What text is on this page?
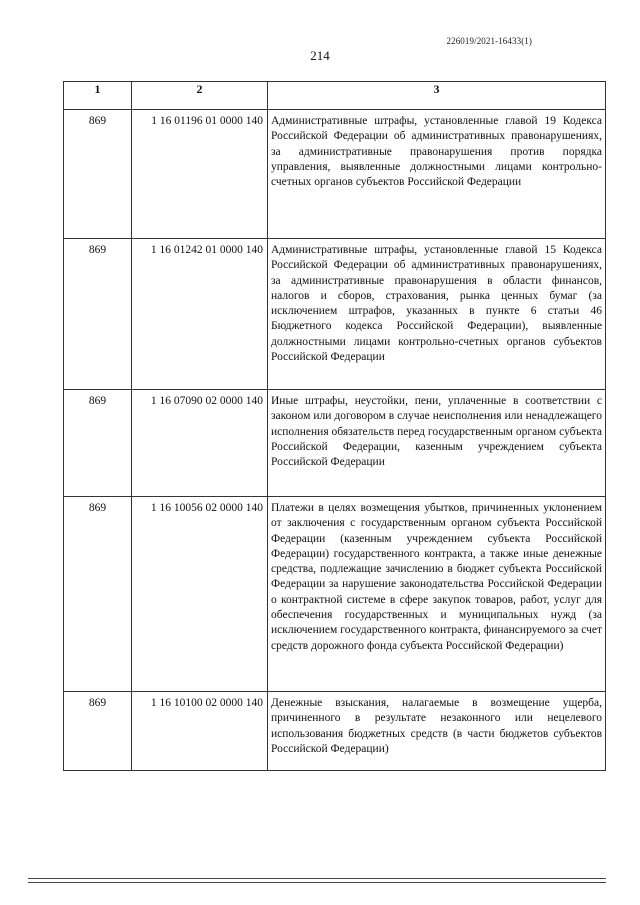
226019/2021-16433(1)
214
1	2	3
869	1 16 01196 01 0000 140	Административные штрафы, установленные главой 19 Кодекса Российской Федерации об административных правонарушениях, за административные правонарушения против порядка управления, выявленные должностными лицами контрольно-счетных органов субъектов Российской Федерации
869	1 16 01242 01 0000 140	Административные штрафы, установленные главой 15 Кодекса Российской Федерации об административных правонарушениях, за административные правонарушения в области финансов, налогов и сборов, страхования, рынка ценных бумаг (за исключением штрафов, указанных в пункте 6 статьи 46 Бюджетного кодекса Российской Федерации), выявленные должностными лицами контрольно-счетных органов субъектов Российской Федерации
869	1 16 07090 02 0000 140	Иные штрафы, неустойки, пени, уплаченные в соответствии с законом или договором в случае неисполнения или ненадлежащего исполнения обязательств перед государственным органом субъекта Российской Федерации, казенным учреждением субъекта Российской Федерации
869	1 16 10056 02 0000 140	Платежи в целях возмещения убытков, причиненных уклонением от заключения с государственным органом субъекта Российской Федерации (казенным учреждением субъекта Российской Федерации) государственного контракта, а также иные денежные средства, подлежащие зачислению в бюджет субъекта Российской Федерации за нарушение законодательства Российской Федерации о контрактной системе в сфере закупок товаров, работ, услуг для обеспечения государственных и муниципальных нужд (за исключением государственного контракта, финансируемого за счет средств дорожного фонда субъекта Российской Федерации)
869	1 16 10100 02 0000 140	Денежные взыскания, налагаемые в возмещение ущерба, причиненного в результате незаконного или нецелевого использования бюджетных средств (в части бюджетов субъектов Российской Федерации)
